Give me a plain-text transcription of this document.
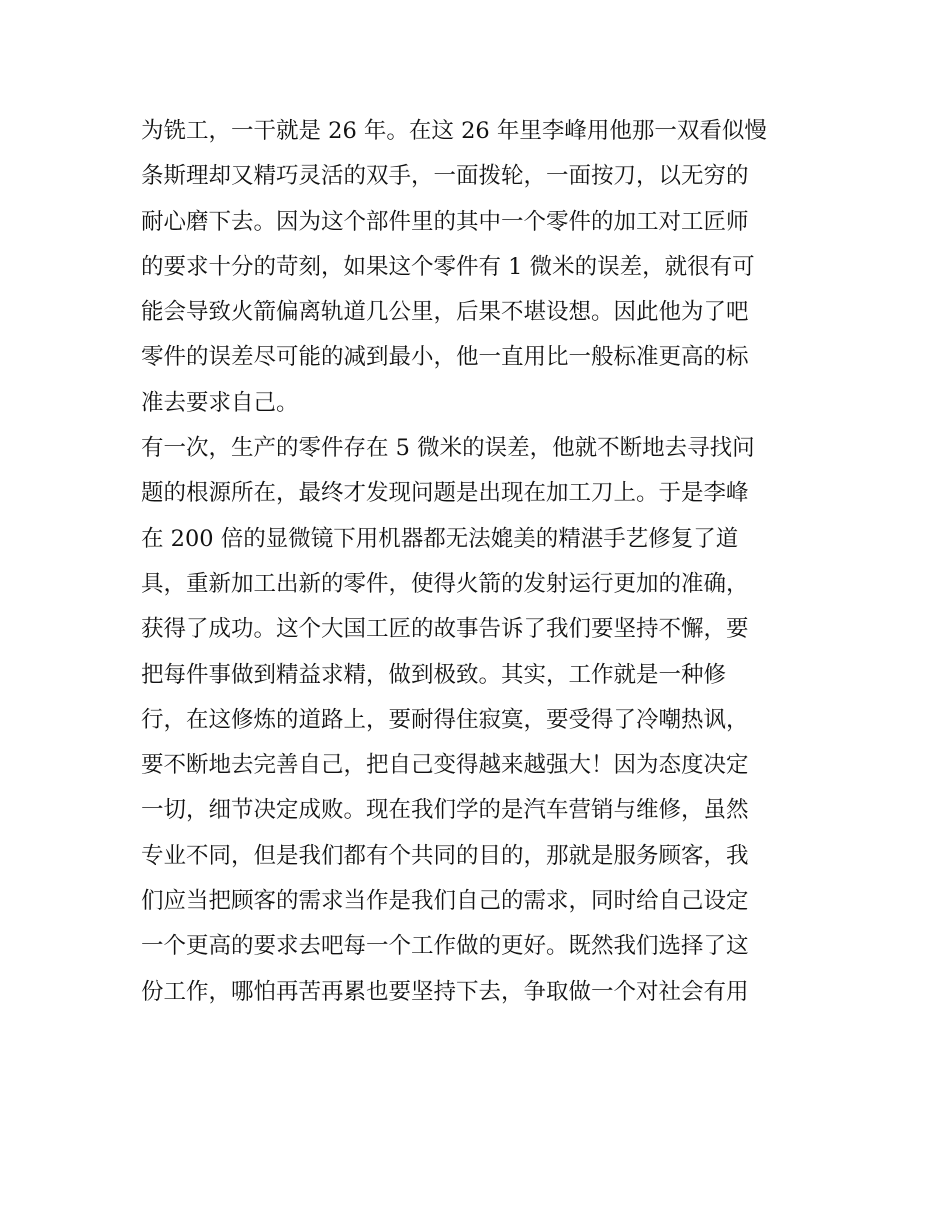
为铣工，一干就是 26 年。在这 26 年里李峰用他那一双看似慢
条斯理却又精巧灵活的双手，一面拨轮，一面按刀，以无穷的
耐心磨下去。因为这个部件里的其中一个零件的加工对工匠师
的要求十分的苛刻，如果这个零件有 1 微米的误差，就很有可
能会导致火箭偏离轨道几公里，后果不堪设想。因此他为了吧
零件的误差尽可能的减到最小，他一直用比一般标准更高的标
准去要求自己。
有一次，生产的零件存在 5 微米的误差，他就不断地去寻找问
题的根源所在，最终才发现问题是出现在加工刀上。于是李峰
在 200 倍的显微镜下用机器都无法媲美的精湛手艺修复了道
具，重新加工出新的零件，使得火箭的发射运行更加的准确，
获得了成功。这个大国工匠的故事告诉了我们要坚持不懈，要
把每件事做到精益求精，做到极致。其实，工作就是一种修
行，在这修炼的道路上，要耐得住寂寞，要受得了冷嘲热讽，
要不断地去完善自己，把自己变得越来越强大！因为态度决定
一切，细节决定成败。现在我们学的是汽车营销与维修，虽然
专业不同，但是我们都有个共同的目的，那就是服务顾客，我
们应当把顾客的需求当作是我们自己的需求，同时给自己设定
一个更高的要求去吧每一个工作做的更好。既然我们选择了这
份工作，哪怕再苦再累也要坚持下去，争取做一个对社会有用
